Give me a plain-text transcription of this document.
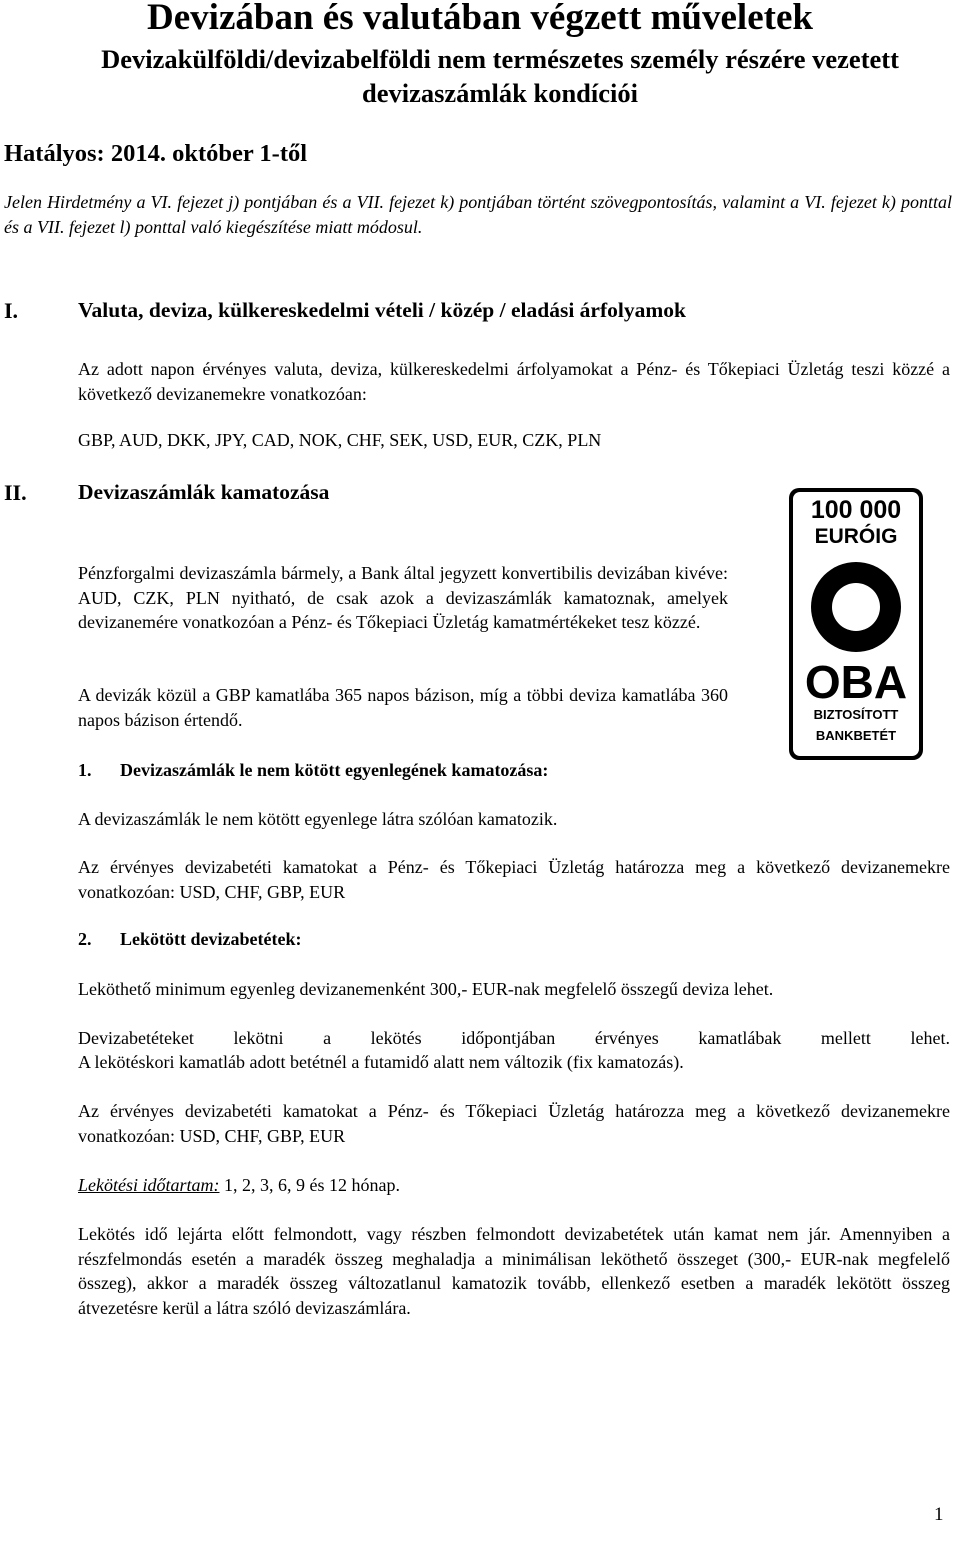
Devizában és valutában végzett műveletek
Devizakülföldi/devizabelföldi nem természetes személy részére vezetett devizaszámlák kondíciói
Hatályos: 2014. október 1-től
Jelen Hirdetmény a VI. fejezet j) pontjában és a VII. fejezet k) pontjában történt szövegpontosítás, valamint a VI. fejezet k) ponttal és a VII. fejezet l) ponttal való kiegészítése miatt módosul.
I.	Valuta, deviza, külkereskedelmi vételi / közép / eladási árfolyamok
Az adott napon érvényes valuta, deviza, külkereskedelmi árfolyamokat a Pénz- és Tőkepiaci Üzletág teszi közzé a következő devizanemekre vonatkozóan:
GBP, AUD, DKK, JPY, CAD, NOK, CHF, SEK, USD, EUR, CZK, PLN
II. Devizaszámlák kamatozása
Pénzforgalmi devizaszámla bármely, a Bank által jegyzett konvertibilis devizában kivéve: AUD, CZK, PLN nyitható, de csak azok a devizaszámlák kamatoznak, amelyek devizanemére vonatkozóan a Pénz- és Tőkepiaci Üzletág kamatmértékeket tesz közzé.
A devizák közül a GBP kamatlába 365 napos bázison, míg a többi deviza kamatlába 360 napos bázison értendő.
100 000
EURÓIG
OBA
BIZTOSÍTOTT
BANKBETÉT
1. Devizaszámlák le nem kötött egyenlegének kamatozása:
A devizaszámlák le nem kötött egyenlege látra szólóan kamatozik.
Az érvényes devizabetéti kamatokat a Pénz- és Tőkepiaci Üzletág határozza meg a következő devizanemekre vonatkozóan: USD, CHF, GBP, EUR
2. Lekötött devizabetétek:
Leköthető minimum egyenleg devizanemenként 300,- EUR-nak megfelelő összegű deviza lehet.
Devizabetéteket lekötni a lekötés időpontjában érvényes kamatlábak mellett lehet.
A lekötéskori kamatláb adott betétnél a futamidő alatt nem változik (fix kamatozás).
Az érvényes devizabetéti kamatokat a Pénz- és Tőkepiaci Üzletág határozza meg a következő devizanemekre vonatkozóan: USD, CHF, GBP, EUR
Lekötési időtartam: 1, 2, 3, 6, 9 és 12 hónap.
Lekötés idő lejárta előtt felmondott, vagy részben felmondott devizabetétek után kamat nem jár. Amennyiben a részfelmondás esetén a maradék összeg meghaladja a minimálisan leköthető összeget (300,- EUR-nak megfelelő összeg), akkor a maradék összeg változatlanul kamatozik tovább, ellenkező esetben a maradék lekötött összeg átvezetésre kerül a látra szóló devizaszámlára.
1
